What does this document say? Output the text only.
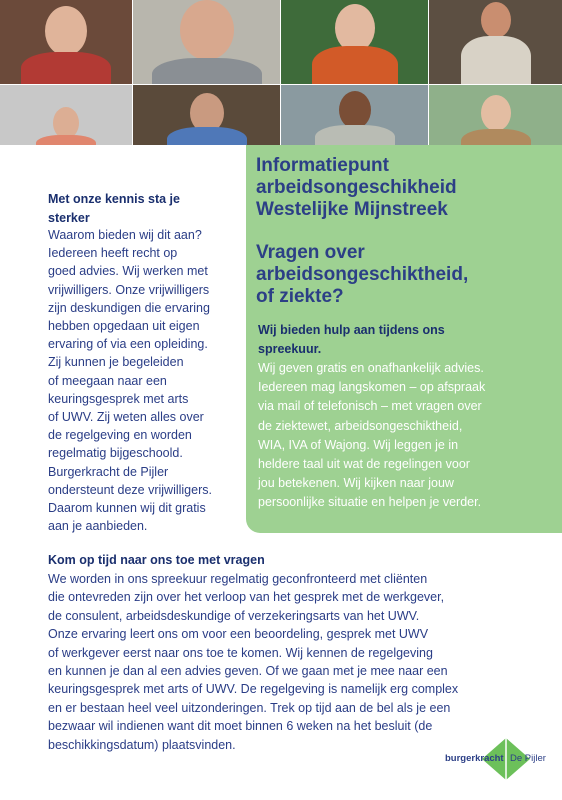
Informatiepunt
arbeidsongeschikheid
Westelijke Mijnstreek
Vragen over
arbeidsongeschiktheid,
of ziekte?
Wij bieden hulp aan tijdens ons
spreekuur.
Wij geven gratis en onafhankelijk advies.
Iedereen mag langskomen – op afspraak
via mail of telefonisch – met vragen over
de ziektewet, arbeidsongeschiktheid,
WIA, IVA of Wajong. Wij leggen je in
heldere taal uit wat de regelingen voor
jou betekenen. Wij kijken naar jouw
persoonlijke situatie en helpen je verder.
Met onze kennis sta je
sterker
Waarom bieden wij dit aan?
Iedereen heeft recht op
goed advies. Wij werken met
vrijwilligers. Onze vrijwilligers
zijn deskundigen die ervaring
hebben opgedaan uit eigen
ervaring of via een opleiding.
Zij kunnen je begeleiden
of meegaan naar een
keuringsgesprek met arts
of UWV. Zij weten alles over
de regelgeving en worden
regelmatig bijgeschoold.
Burgerkracht de Pijler
ondersteunt deze vrijwilligers.
Daarom kunnen wij dit gratis
aan je aanbieden.
Kom op tijd naar ons toe met vragen
We worden in ons spreekuur regelmatig geconfronteerd met cliënten
die ontevreden zijn over het verloop van het gesprek met de werkgever,
de consulent, arbeidsdeskundige of verzekeringsarts van het UWV.
Onze ervaring leert ons om voor een beoordeling, gesprek met UWV
of werkgever eerst naar ons toe te komen. Wij kennen de regelgeving
en kunnen je dan al een advies geven. Of we gaan met je mee naar een
keuringsgesprek met arts of UWV. De regelgeving is namelijk erg complex
en er bestaan heel veel uitzonderingen. Trek op tijd aan de bel als je een
bezwaar wil indienen want dit moet binnen 6 weken na het besluit (de
beschikkingsdatum) plaatsvinden.
burgerkracht De Pijler
